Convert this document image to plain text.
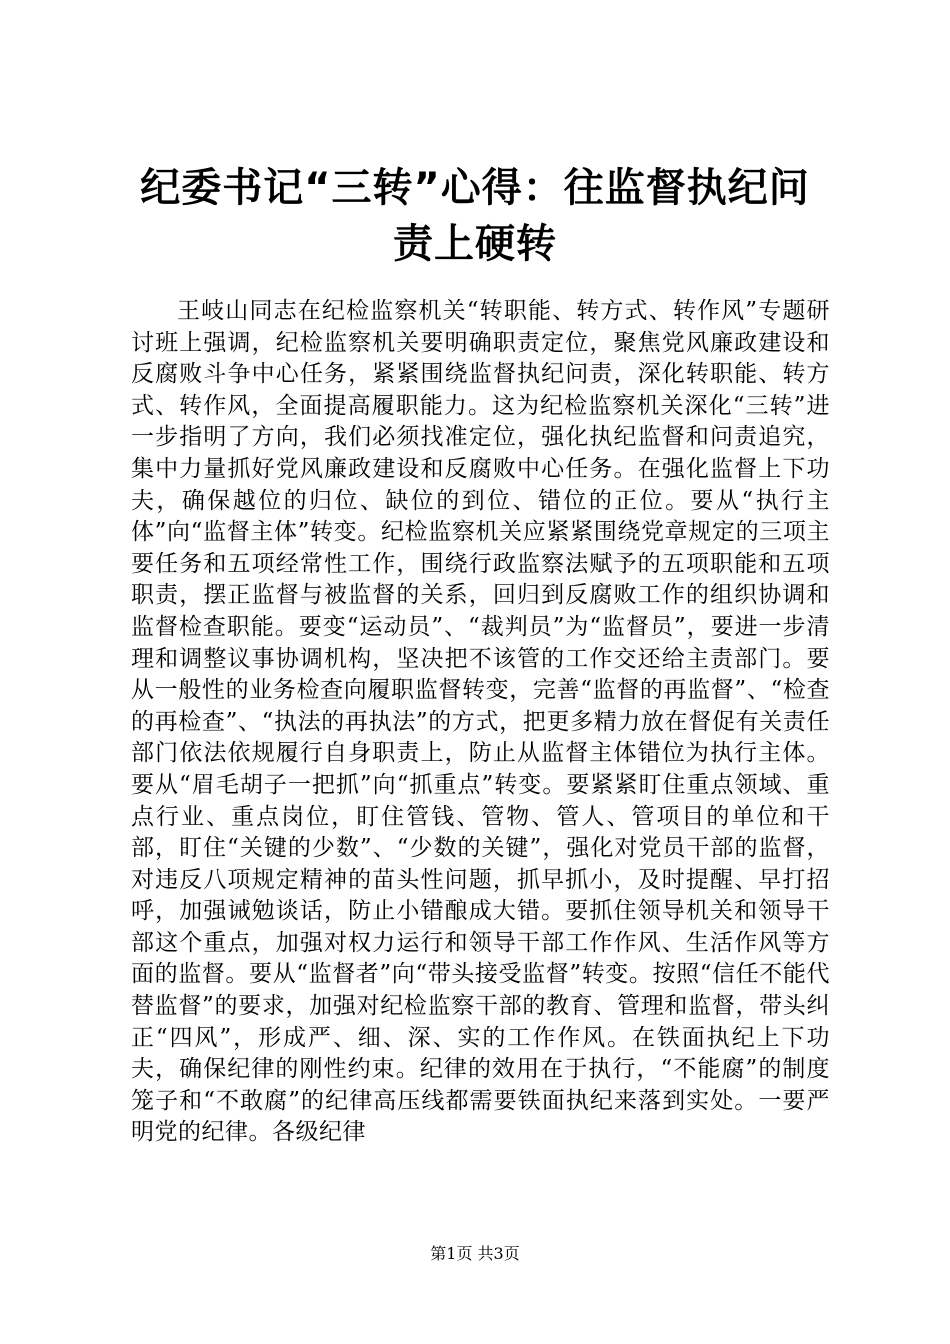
纪委书记“三转”心得：往监督执纪问责上硬转

王岐山同志在纪检监察机关“转职能、转方式、转作风”专题研讨班上强调，纪检监察机关要明确职责定位，聚焦党风廉政建设和反腐败斗争中心任务，紧紧围绕监督执纪问责，深化转职能、转方式、转作风，全面提高履职能力。这为纪检监察机关深化“三转”进一步指明了方向，我们必须找准定位，强化执纪监督和问责追究，集中力量抓好党风廉政建设和反腐败中心任务。在强化监督上下功夫，确保越位的归位、缺位的到位、错位的正位。要从“执行主体”向“监督主体”转变。纪检监察机关应紧紧围绕党章规定的三项主要任务和五项经常性工作，围绕行政监察法赋予的五项职能和五项职责，摆正监督与被监督的关系，回归到反腐败工作的组织协调和监督检查职能。要变“运动员”、“裁判员”为“监督员”，要进一步清理和调整议事协调机构，坚决把不该管的工作交还给主责部门。要从一般性的业务检查向履职监督转变，完善“监督的再监督”、“检查的再检查”、“执法的再执法”的方式，把更多精力放在督促有关责任部门依法依规履行自身职责上，防止从监督主体错位为执行主体。要从“眉毛胡子一把抓”向“抓重点”转变。要紧紧盯住重点领域、重点行业、重点岗位，盯住管钱、管物、管人、管项目的单位和干部，盯住“关键的少数”、“少数的关键”，强化对党员干部的监督，对违反八项规定精神的苗头性问题，抓早抓小，及时提醒、早打招呼，加强诫勉谈话，防止小错酿成大错。要抓住领导机关和领导干部这个重点，加强对权力运行和领导干部工作作风、生活作风等方面的监督。要从“监督者”向“带头接受监督”转变。按照“信任不能代替监督”的要求，加强对纪检监察干部的教育、管理和监督，带头纠正“四风”，形成严、细、深、实的工作作风。在铁面执纪上下功夫，确保纪律的刚性约束。纪律的效用在于执行，“不能腐”的制度笼子和“不敢腐”的纪律高压线都需要铁面执纪来落到实处。一要严明党的纪律。各级纪律

第1页 共3页
